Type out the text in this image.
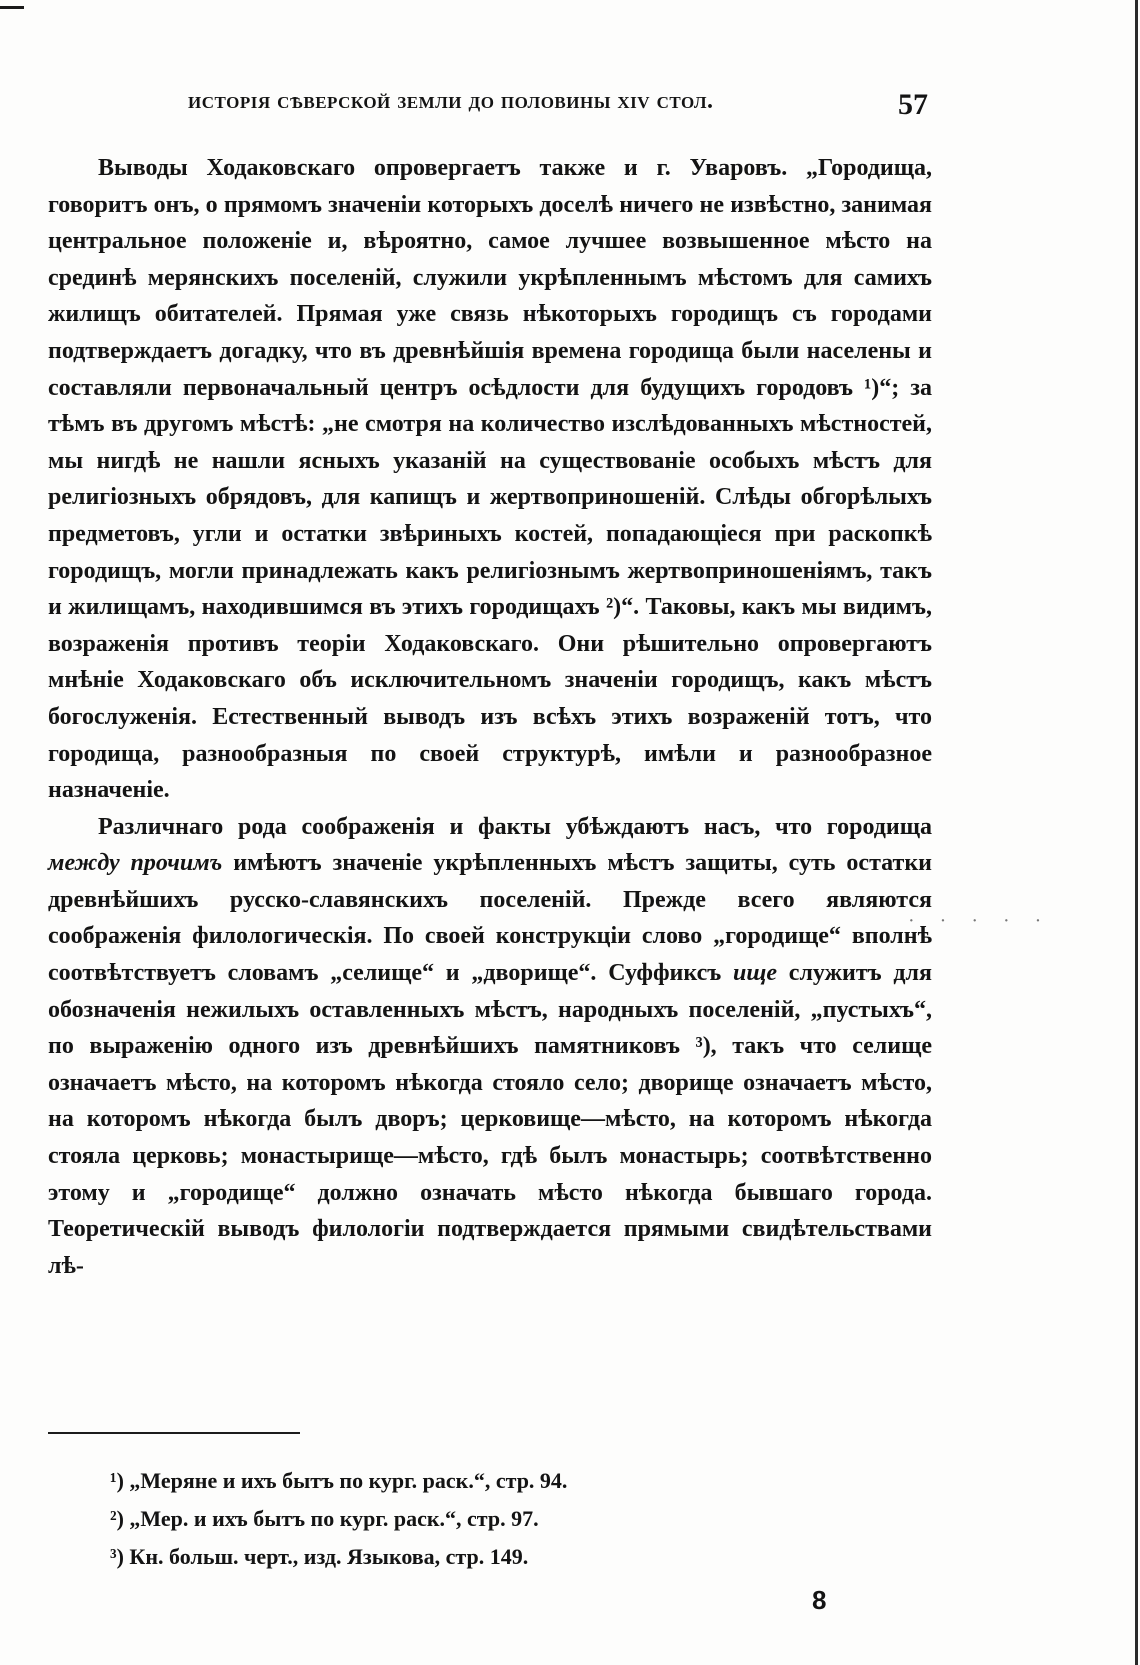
исторія сѣверской земли до половины xiv стол.	57

Выводы Ходаковскаго опровергаетъ также и г. Уваровъ. „Городища, говоритъ онъ, о прямомъ значеніи которыхъ доселѣ ничего не извѣстно, занимая центральное положеніе и, вѣроятно, самое лучшее возвышенное мѣсто на срединѣ мерянскихъ поселеній, служили укрѣпленнымъ мѣстомъ для самихъ жилищъ обитателей. Прямая уже связь нѣкоторыхъ городищъ съ городами подтверждаетъ догадку, что въ древнѣйшія времена городища были населены и составляли первоначальный центръ осѣдлости для будущихъ городовъ ¹)“; за тѣмъ въ другомъ мѣстѣ: „не смотря на количество изслѣдованныхъ мѣстностей, мы нигдѣ не нашли ясныхъ указаній на существованіе особыхъ мѣстъ для религіозныхъ обрядовъ, для капищъ и жертвоприношеній. Слѣды обгорѣлыхъ предметовъ, угли и остатки звѣриныхъ костей, попадающіеся при раскопкѣ городищъ, могли принадлежать какъ религіознымъ жертвоприношеніямъ, такъ и жилищамъ, находившимся въ этихъ городищахъ ²)“. Таковы, какъ мы видимъ, возраженія противъ теоріи Ходаковскаго. Они рѣшительно опровергаютъ мнѣніе Ходаковскаго объ исключительномъ значеніи городищъ, какъ мѣстъ богослуженія. Естественный выводъ изъ всѣхъ этихъ возраженій тотъ, что городища, разнообразныя по своей структурѣ, имѣли и разнообразное назначеніе.

Различнаго рода соображенія и факты убѣждаютъ насъ, что городища между прочимъ имѣютъ значеніе укрѣпленныхъ мѣстъ защиты, суть остатки древнѣйшихъ русско-славянскихъ поселеній. Прежде всего являются соображенія филологическія. По своей конструкціи слово „городище“ вполнѣ соотвѣтствуетъ словамъ „селище“ и „дворище“. Суффиксъ ище служитъ для обозначенія нежилыхъ оставленныхъ мѣстъ, народныхъ поселеній, „пустыхъ“, по выраженію одного изъ древнѣйшихъ памятниковъ ³), такъ что селище означаетъ мѣсто, на которомъ нѣкогда стояло село; дворище означаетъ мѣсто, на которомъ нѣкогда былъ дворъ; церковище—мѣсто, на которомъ нѣкогда стояла церковь; монастырище—мѣсто, гдѣ былъ монастырь; соотвѣтственно этому и „городище“ должно означать мѣсто нѣкогда бывшаго города. Теоретическій выводъ филологіи подтверждается прямыми свидѣтельствами лѣ-

· · · · ·
¹) „Меряне и ихъ бытъ по кург. раск.“, стр. 94.
²) „Мер. и ихъ бытъ по кург. раск.“, стр. 97.
³) Кн. больш. черт., изд. Языкова, стр. 149.
8
